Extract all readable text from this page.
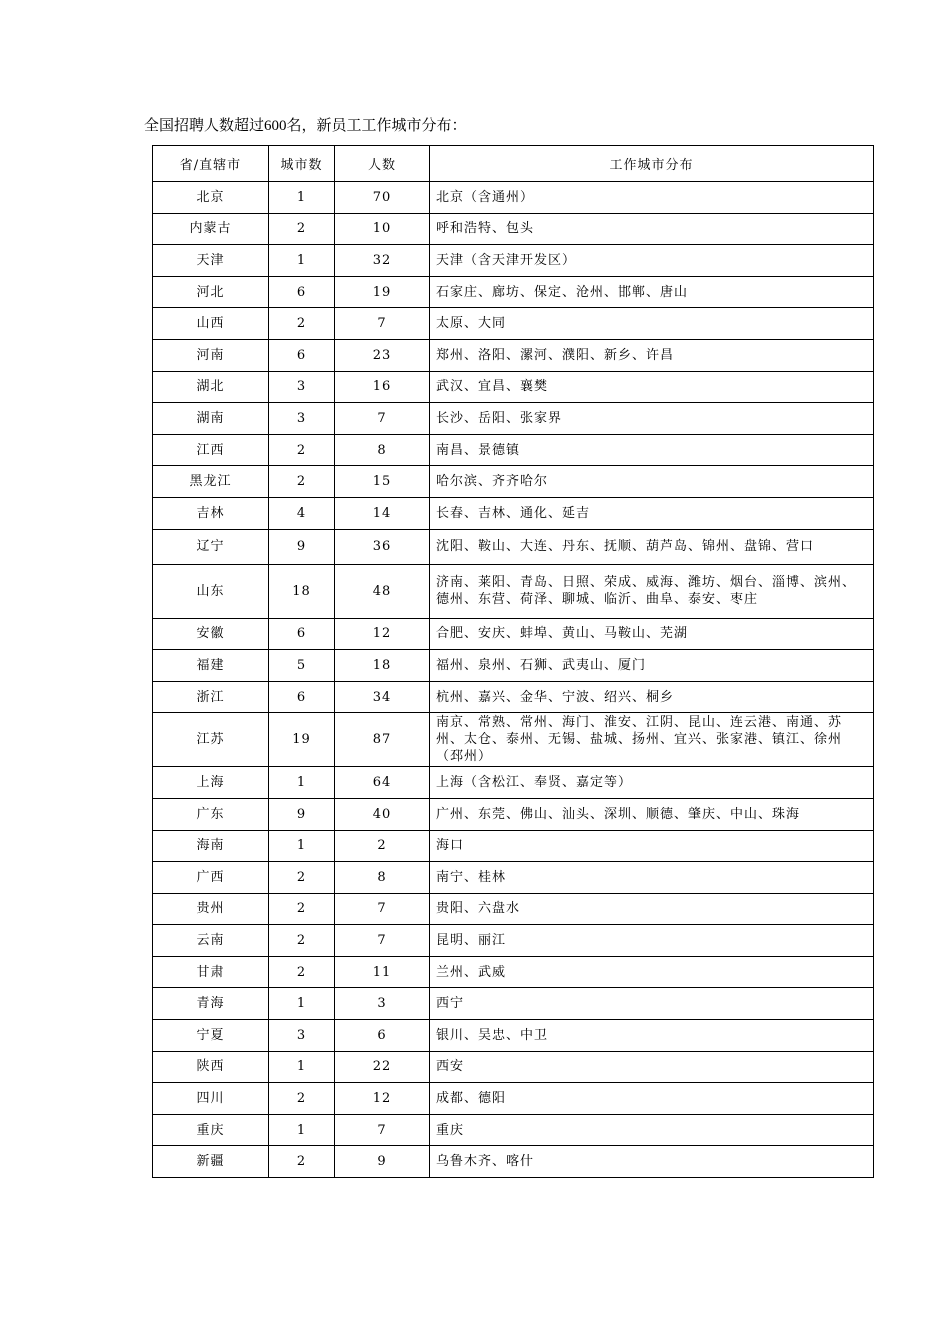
全国招聘人数超过600名，新员工工作城市分布：
省/直辖市	城市数	人数	工作城市分布
北京	1	70	北京（含通州）
内蒙古	2	10	呼和浩特、包头
天津	1	32	天津（含天津开发区）
河北	6	19	石家庄、廊坊、保定、沧州、邯郸、唐山
山西	2	7	太原、大同
河南	6	23	郑州、洛阳、漯河、濮阳、新乡、许昌
湖北	3	16	武汉、宜昌、襄樊
湖南	3	7	长沙、岳阳、张家界
江西	2	8	南昌、景德镇
黑龙江	2	15	哈尔滨、齐齐哈尔
吉林	4	14	长春、吉林、通化、延吉
辽宁	9	36	沈阳、鞍山、大连、丹东、抚顺、葫芦岛、锦州、盘锦、营口
山东	18	48	济南、莱阳、青岛、日照、荣成、威海、潍坊、烟台、淄博、滨州、德州、东营、荷泽、聊城、临沂、曲阜、泰安、枣庄
安徽	6	12	合肥、安庆、蚌埠、黄山、马鞍山、芜湖
福建	5	18	福州、泉州、石狮、武夷山、厦门
浙江	6	34	杭州、嘉兴、金华、宁波、绍兴、桐乡
江苏	19	87	南京、常熟、常州、海门、淮安、江阴、昆山、连云港、南通、苏州、太仓、泰州、无锡、盐城、扬州、宜兴、张家港、镇江、徐州（邳州）
上海	1	64	上海（含松江、奉贤、嘉定等）
广东	9	40	广州、东莞、佛山、汕头、深圳、顺德、肇庆、中山、珠海
海南	1	2	海口
广西	2	8	南宁、桂林
贵州	2	7	贵阳、六盘水
云南	2	7	昆明、丽江
甘肃	2	11	兰州、武威
青海	1	3	西宁
宁夏	3	6	银川、吴忠、中卫
陕西	1	22	西安
四川	2	12	成都、德阳
重庆	1	7	重庆
新疆	2	9	乌鲁木齐、喀什
